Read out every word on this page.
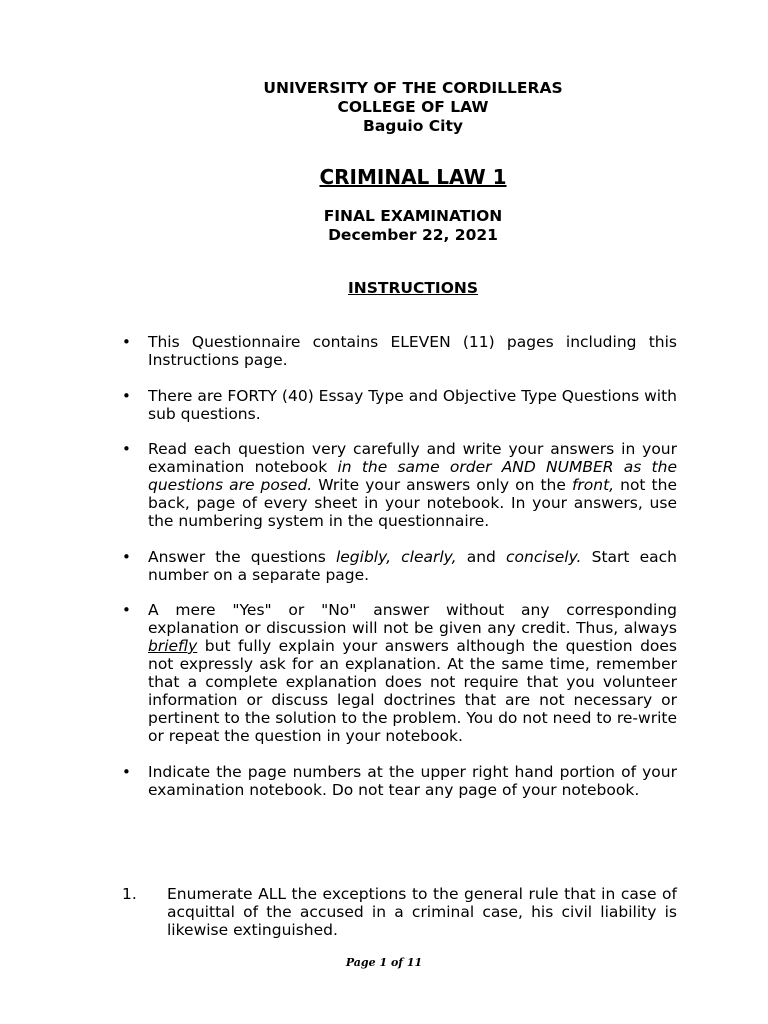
UNIVERSITY OF THE CORDILLERAS
COLLEGE OF LAW
Baguio City
CRIMINAL LAW 1
FINAL EXAMINATION
December 22, 2021
INSTRUCTIONS
• This Questionnaire contains ELEVEN (11) pages including this Instructions page.
• There are FORTY (40) Essay Type and Objective Type Questions with sub questions.
• Read each question very carefully and write your answers in your examination notebook in the same order AND NUMBER as the questions are posed. Write your answers only on the front, not the back, page of every sheet in your notebook. In your answers, use the numbering system in the questionnaire.
• Answer the questions legibly, clearly, and concisely. Start each number on a separate page.
• A mere "Yes" or "No" answer without any corresponding explanation or discussion will not be given any credit. Thus, always briefly but fully explain your answers although the question does not expressly ask for an explanation. At the same time, remember that a complete explanation does not require that you volunteer information or discuss legal doctrines that are not necessary or pertinent to the solution to the problem. You do not need to re-write or repeat the question in your notebook.
• Indicate the page numbers at the upper right hand portion of your examination notebook. Do not tear any page of your notebook.
1. Enumerate ALL the exceptions to the general rule that in case of acquittal of the accused in a criminal case, his civil liability is likewise extinguished.
Page 1 of 11
